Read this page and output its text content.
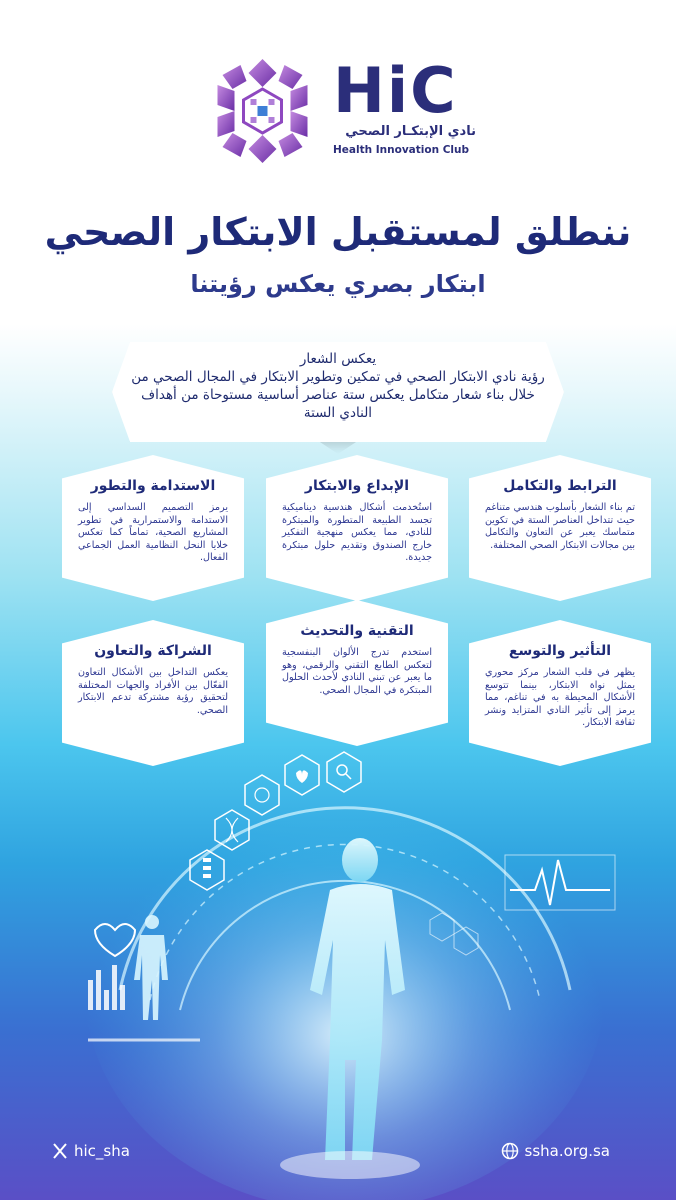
HiC
نادي الإبتكـار الصحي
Health Innovation Club
ننطلق لمستقبل الابتكار الصحي
ابتكار بصري يعكس رؤيتنا
يعكس الشعار
رؤية نادي الابتكار الصحي في تمكين وتطوير الابتكار في المجال الصحي من خلال بناء شعار متكامل يعكس ستة عناصر أساسية مستوحاة من أهداف النادي الستة
الترابط والتكامل
تم بناء الشعار بأسلوب هندسي متناغم حيث تتداخل العناصر الستة في تكوين متماسك يعبر عن التعاون والتكامل بين مجالات الابتكار الصحي المختلفة.
الإبداع والابتكار
استُخدمت أشكال هندسية ديناميكية تجسد الطبيعة المتطورة والمبتكرة للنادي، مما يعكس منهجية التفكير خارج الصندوق وتقديم حلول مبتكرة جديدة.
الاستدامة والتطور
يرمز التصميم السداسي إلى الاستدامة والاستمرارية في تطوير المشاريع الصحية، تماماً كما تعكس خلايا النحل النظامية العمل الجماعي الفعال.
التأثير والتوسع
يظهر في قلب الشعار مركز محوري يمثل نواة الابتكار، بينما تتوسع الأشكال المحيطة به في تناغم، مما يرمز إلى تأثير النادي المتزايد ونشر ثقافة الابتكار.
التقنية والتحديث
استخدم تدرج الألوان البنفسجية لتعكس الطابع التقني والرقمي، وهو ما يعبر عن تبني النادي لأحدث الحلول المبتكرة في المجال الصحي.
الشراكة والتعاون
يعكس التداخل بين الأشكال التعاون الفعّال بين الأفراد والجهات المختلفة لتحقيق رؤية مشتركة تدعم الابتكار الصحي.
hic_sha	ssha.org.sa
